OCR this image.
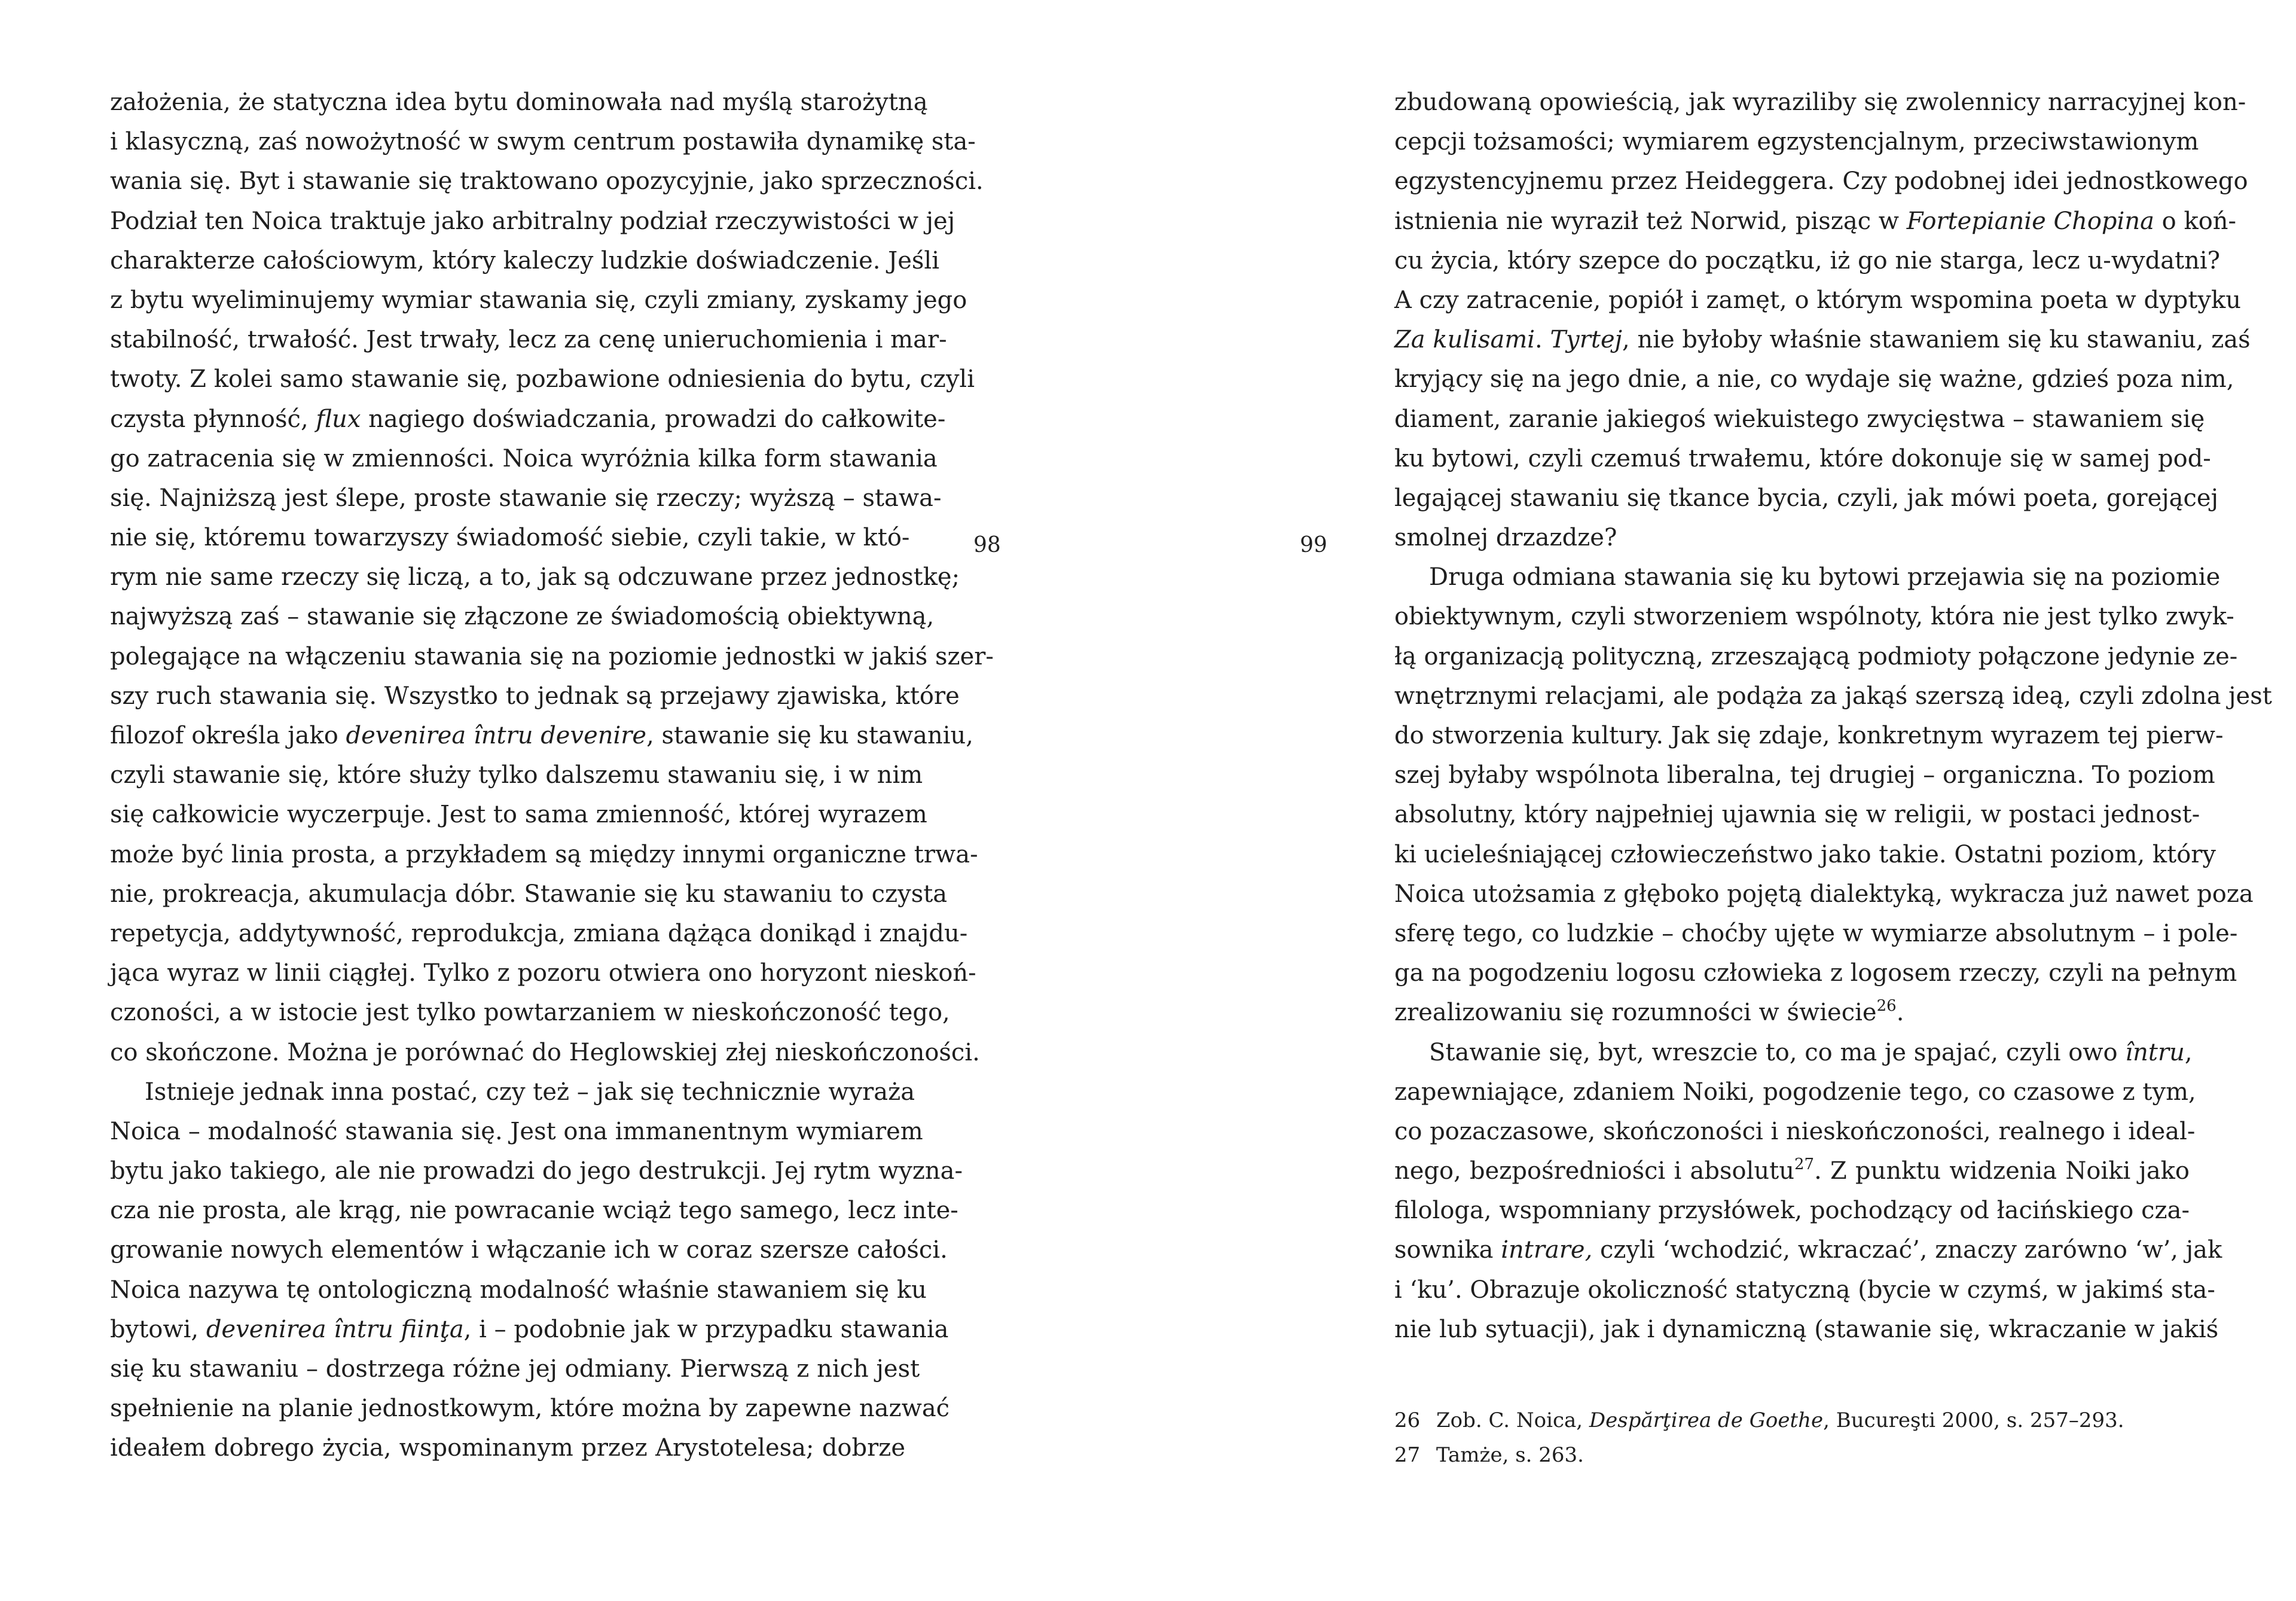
założenia, że statyczna idea bytu dominowała nad myślą starożytną
i klasyczną, zaś nowożytność w swym centrum postawiła dynamikę sta-
wania się. Byt i stawanie się traktowano opozycyjnie, jako sprzeczności.
Podział ten Noica traktuje jako arbitralny podział rzeczywistości w jej
charakterze całościowym, który kaleczy ludzkie doświadczenie. Jeśli
z bytu wyeliminujemy wymiar stawania się, czyli zmiany, zyskamy jego
stabilność, trwałość. Jest trwały, lecz za cenę unieruchomienia i mar-
twoty. Z kolei samo stawanie się, pozbawione odniesienia do bytu, czyli
czysta płynność, flux nagiego doświadczania, prowadzi do całkowite-
go zatracenia się w zmienności. Noica wyróżnia kilka form stawania
się. Najniższą jest ślepe, proste stawanie się rzeczy; wyższą – stawa-
nie się, któremu towarzyszy świadomość siebie, czyli takie, w któ-
rym nie same rzeczy się liczą, a to, jak są odczuwane przez jednostkę;
najwyższą zaś – stawanie się złączone ze świadomością obiektywną,
polegające na włączeniu stawania się na poziomie jednostki w jakiś szer-
szy ruch stawania się. Wszystko to jednak są przejawy zjawiska, które
filozof określa jako devenirea întru devenire, stawanie się ku stawaniu,
czyli stawanie się, które służy tylko dalszemu stawaniu się, i w nim
się całkowicie wyczerpuje. Jest to sama zmienność, której wyrazem
może być linia prosta, a przykładem są między innymi organiczne trwa-
nie, prokreacja, akumulacja dóbr. Stawanie się ku stawaniu to czysta
repetycja, addytywność, reprodukcja, zmiana dążąca donikąd i znajdu-
jąca wyraz w linii ciągłej. Tylko z pozoru otwiera ono horyzont nieskoń-
czoności, a w istocie jest tylko powtarzaniem w nieskończoność tego,
co skończone. Można je porównać do Heglowskiej złej nieskończoności.
Istnieje jednak inna postać, czy też – jak się technicznie wyraża
Noica – modalność stawania się. Jest ona immanentnym wymiarem
bytu jako takiego, ale nie prowadzi do jego destrukcji. Jej rytm wyzna-
cza nie prosta, ale krąg, nie powracanie wciąż tego samego, lecz inte-
growanie nowych elementów i włączanie ich w coraz szersze całości.
Noica nazywa tę ontologiczną modalność właśnie stawaniem się ku
bytowi, devenirea întru fiinţa, i – podobnie jak w przypadku stawania
się ku stawaniu – dostrzega różne jej odmiany. Pierwszą z nich jest
spełnienie na planie jednostkowym, które można by zapewne nazwać
ideałem dobrego życia, wspominanym przez Arystotelesa; dobrze
98	99
zbudowaną opowieścią, jak wyraziliby się zwolennicy narracyjnej kon-
cepcji tożsamości; wymiarem egzystencjalnym, przeciwstawionym
egzystencyjnemu przez Heideggera. Czy podobnej idei jednostkowego
istnienia nie wyraził też Norwid, pisząc w Fortepianie Chopina o koń-
cu życia, który szepce do początku, iż go nie starga, lecz u-wydatni?
A czy zatracenie, popiół i zamęt, o którym wspomina poeta w dyptyku
Za kulisami. Tyrtej, nie byłoby właśnie stawaniem się ku stawaniu, zaś
kryjący się na jego dnie, a nie, co wydaje się ważne, gdzieś poza nim,
diament, zaranie jakiegoś wiekuistego zwycięstwa – stawaniem się
ku bytowi, czyli czemuś trwałemu, które dokonuje się w samej pod-
legającej stawaniu się tkance bycia, czyli, jak mówi poeta, gorejącej
smolnej drzazdze?
Druga odmiana stawania się ku bytowi przejawia się na poziomie
obiektywnym, czyli stworzeniem wspólnoty, która nie jest tylko zwyk-
łą organizacją polityczną, zrzeszającą podmioty połączone jedynie ze-
wnętrznymi relacjami, ale podąża za jakąś szerszą ideą, czyli zdolna jest
do stworzenia kultury. Jak się zdaje, konkretnym wyrazem tej pierw-
szej byłaby wspólnota liberalna, tej drugiej – organiczna. To poziom
absolutny, który najpełniej ujawnia się w religii, w postaci jednost-
ki ucieleśniającej człowieczeństwo jako takie. Ostatni poziom, który
Noica utożsamia z głęboko pojętą dialektyką, wykracza już nawet poza
sferę tego, co ludzkie – choćby ujęte w wymiarze absolutnym – i pole-
ga na pogodzeniu logosu człowieka z logosem rzeczy, czyli na pełnym
zrealizowaniu się rozumności w świecie$^{26}$.
Stawanie się, byt, wreszcie to, co ma je spajać, czyli owo întru,
zapewniające, zdaniem Noiki, pogodzenie tego, co czasowe z tym,
co pozaczasowe, skończoności i nieskończoności, realnego i ideal-
nego, bezpośredniości i absolutu$^{27}$. Z punktu widzenia Noiki jako
filologa, wspomniany przysłówek, pochodzący od łacińskiego cza-
sownika intrare, czyli ‘wchodzić, wkraczać’, znaczy zarówno ‘w’, jak
i ‘ku’. Obrazuje okoliczność statyczną (bycie w czymś, w jakimś sta-
nie lub sytuacji), jak i dynamiczną (stawanie się, wkraczanie w jakiś
26 Zob. C. Noica, Despărţirea de Goethe, Bucureşti 2000, s. 257–293.
27 Tamże, s. 263.
